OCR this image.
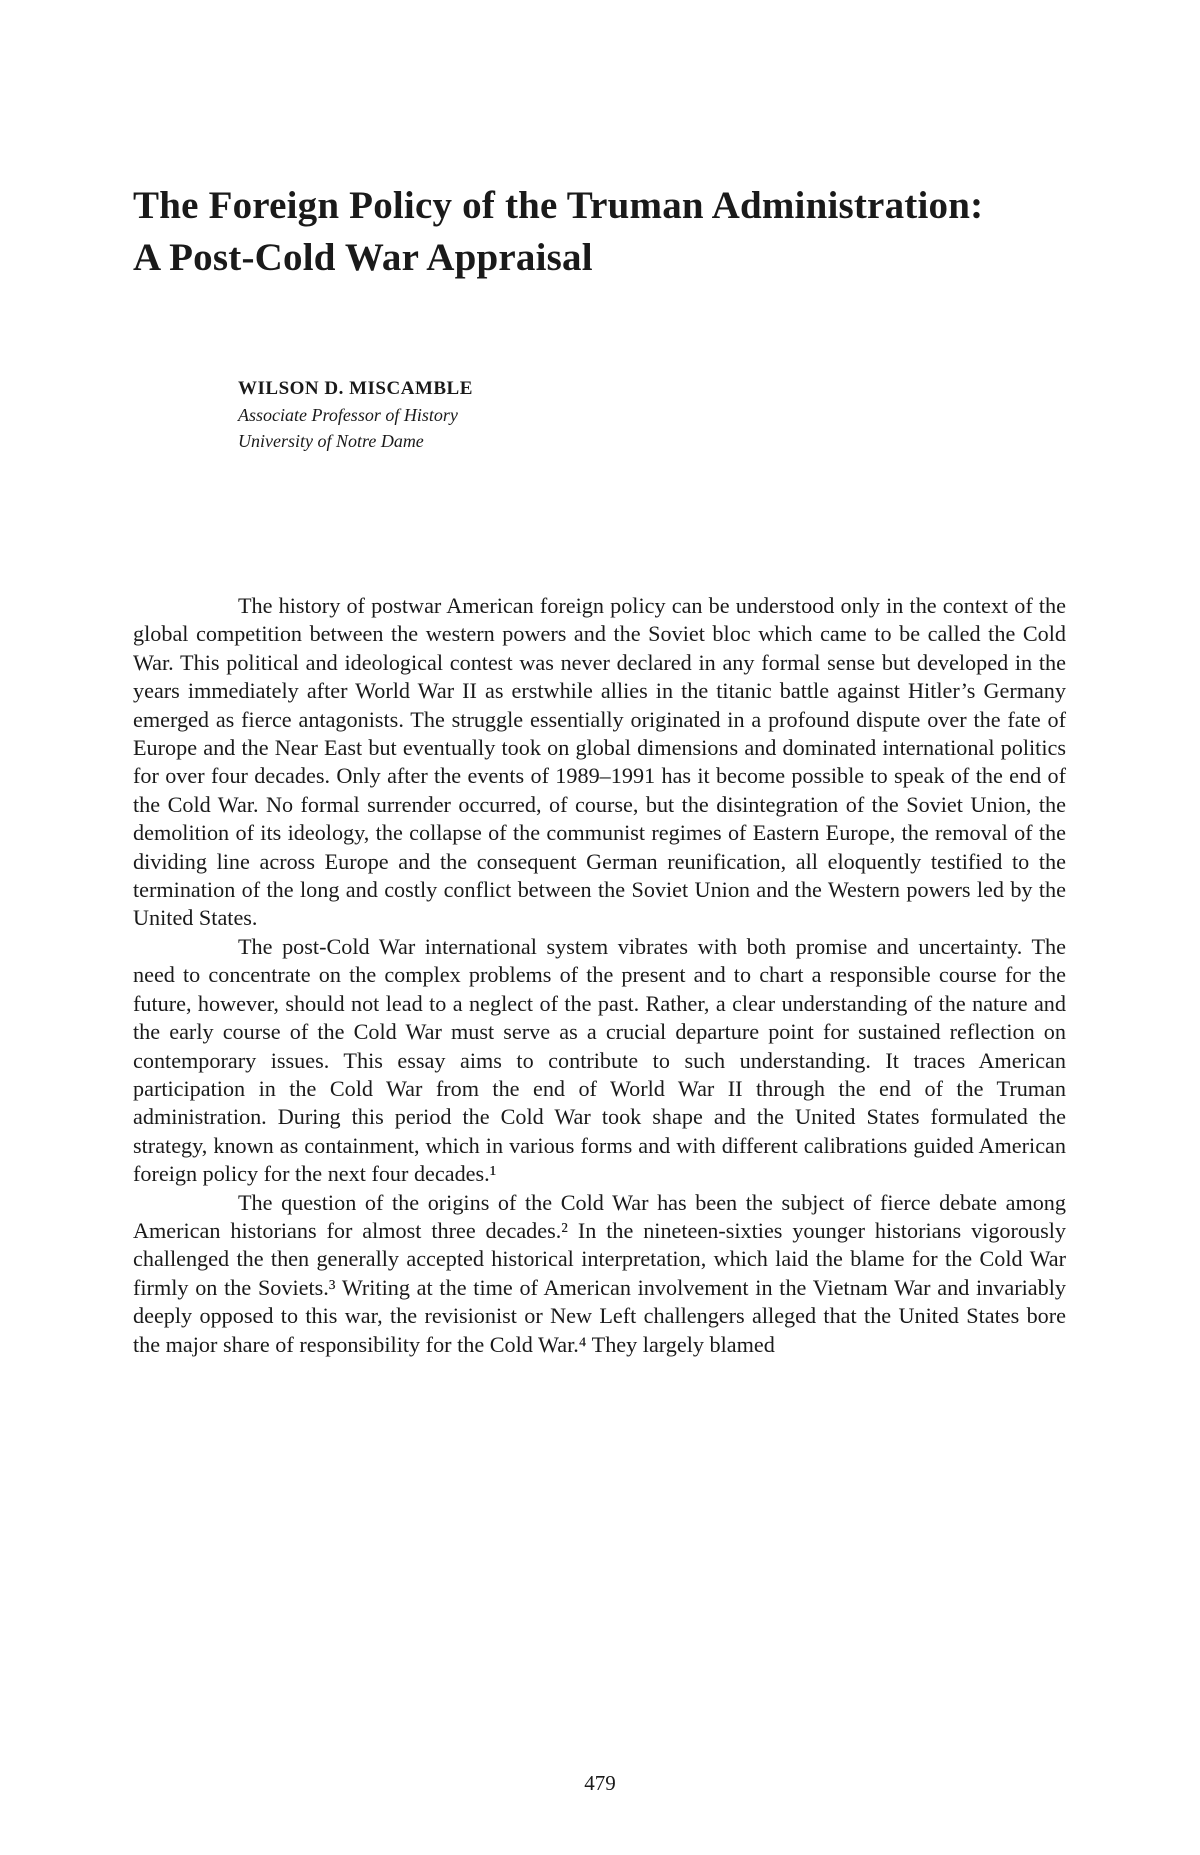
The Foreign Policy of the Truman Administration:
A Post-Cold War Appraisal

WILSON D. MISCAMBLE

Associate Professor of History

University of Notre Dame

The history of postwar American foreign policy can be understood only in the context of the global competition between the western powers and the Soviet bloc which came to be called the Cold War. This political and ideological contest was never declared in any formal sense but developed in the years immediately after World War II as erstwhile allies in the titanic battle against Hitler’s Germany emerged as fierce antagonists. The struggle essentially originated in a profound dispute over the fate of Europe and the Near East but eventually took on global dimensions and dominated international politics for over four decades. Only after the events of 1989–1991 has it become possible to speak of the end of the Cold War. No formal surrender occurred, of course, but the disintegration of the Soviet Union, the demolition of its ideology, the collapse of the communist regimes of Eastern Europe, the removal of the dividing line across Europe and the consequent German reunification, all eloquently testified to the termination of the long and costly conflict between the Soviet Union and the Western powers led by the United States.

The post-Cold War international system vibrates with both promise and uncertainty. The need to concentrate on the complex problems of the present and to chart a responsible course for the future, however, should not lead to a neglect of the past. Rather, a clear understanding of the nature and the early course of the Cold War must serve as a crucial departure point for sustained reflection on contemporary issues. This essay aims to contribute to such understanding. It traces American participation in the Cold War from the end of World War II through the end of the Truman administration. During this period the Cold War took shape and the United States formulated the strategy, known as containment, which in various forms and with different calibrations guided American foreign policy for the next four decades.¹

The question of the origins of the Cold War has been the subject of fierce debate among American historians for almost three decades.² In the nineteen-sixties younger historians vigorously challenged the then generally accepted historical interpretation, which laid the blame for the Cold War firmly on the Soviets.³ Writing at the time of American involvement in the Vietnam War and invariably deeply opposed to this war, the revisionist or New Left challengers alleged that the United States bore the major share of responsibility for the Cold War.⁴ They largely blamed

479
